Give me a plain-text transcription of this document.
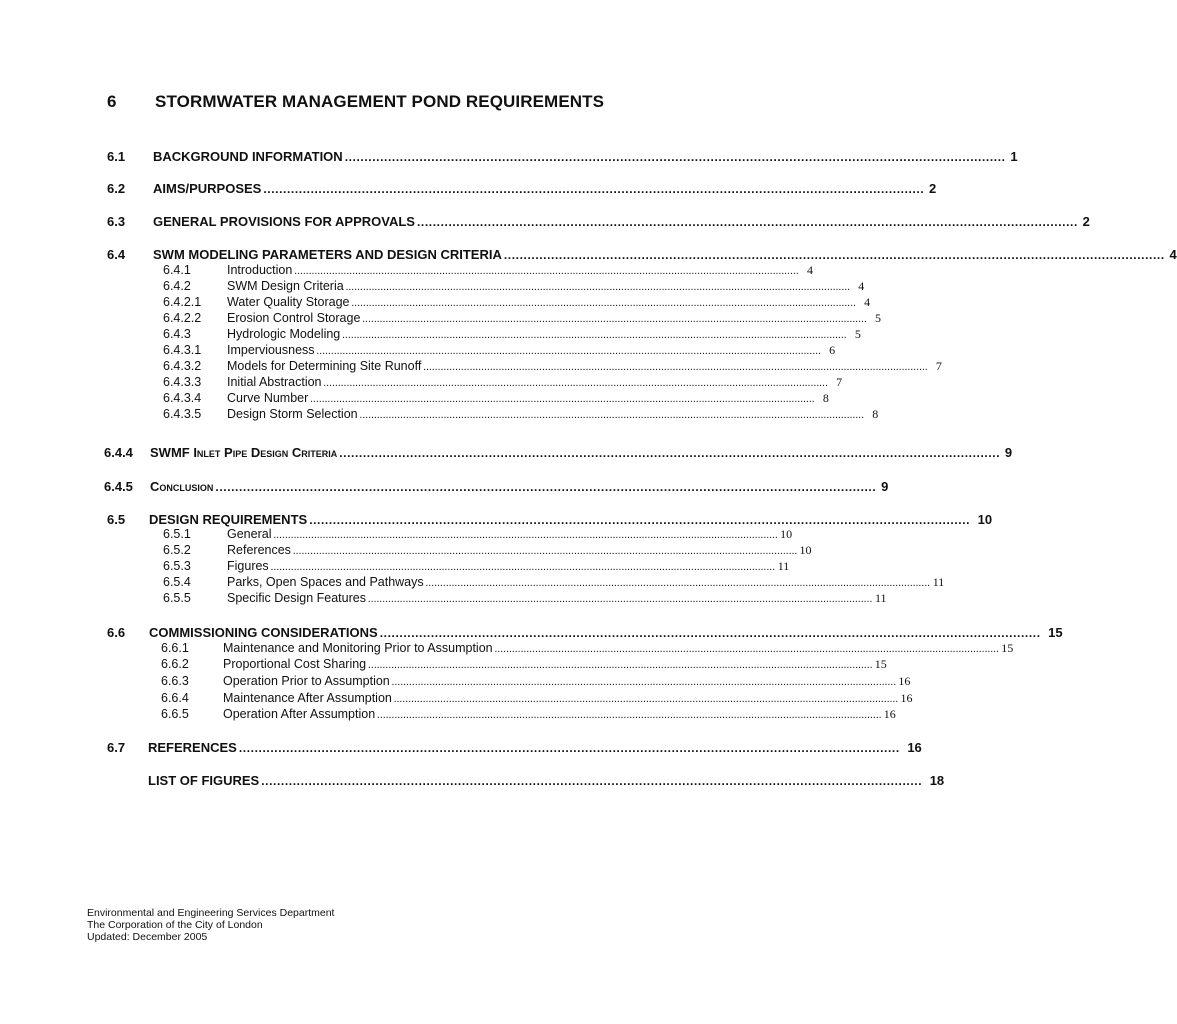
6 STORMWATER MANAGEMENT POND REQUIREMENTS
6.1 BACKGROUND INFORMATION ........................................................................................................................................................................ 1
6.2 AIMS/PURPOSES ........................................................................................................................................................................ 2
6.3 GENERAL PROVISIONS FOR APPROVALS ........................................................................................................................................................................ 2
6.4 SWM MODELING PARAMETERS AND DESIGN CRITERIA ........................................................................................................................................................................ 4
6.4.1	Introduction .............................................................................................................................................................................. 4
6.4.2	SWM Design Criteria .............................................................................................................................................................................. 4
6.4.2.1 Water Quality Storage .............................................................................................................................................................................. 4
6.4.2.2 Erosion Control Storage .............................................................................................................................................................................. 5
6.4.3	Hydrologic Modeling .............................................................................................................................................................................. 5
6.4.3.1 Imperviousness .............................................................................................................................................................................. 6
6.4.3.2 Models for Determining Site Runoff .............................................................................................................................................................................. 7
6.4.3.3 Initial Abstraction .............................................................................................................................................................................. 7
6.4.3.4 Curve Number .............................................................................................................................................................................. 8
6.4.3.5 Design Storm Selection .............................................................................................................................................................................. 8
6.4.4 SWMF Inlet Pipe Design Criteria ........................................................................................................................................................................ 9
6.4.5 Conclusion ........................................................................................................................................................................ 9
6.5 DESIGN REQUIREMENTS ........................................................................................................................................................................ 10
6.5.1	General .............................................................................................................................................................................. 10
6.5.2	References .............................................................................................................................................................................. 10
6.5.3	Figures .............................................................................................................................................................................. 11
6.5.4	Parks, Open Spaces and Pathways .............................................................................................................................................................................. 11
6.5.5	Specific Design Features .............................................................................................................................................................................. 11
6.6 COMMISSIONING CONSIDERATIONS ........................................................................................................................................................................ 15
6.6.1	Maintenance and Monitoring Prior to Assumption .............................................................................................................................................................................. 15
6.6.2	Proportional Cost Sharing .............................................................................................................................................................................. 15
6.6.3	Operation Prior to Assumption .............................................................................................................................................................................. 16
6.6.4	Maintenance After Assumption .............................................................................................................................................................................. 16
6.6.5	Operation After Assumption .............................................................................................................................................................................. 16
6.7 REFERENCES ........................................................................................................................................................................ 16
LIST OF FIGURES ........................................................................................................................................................................ 18
Environmental and Engineering Services Department
The Corporation of the City of London
Updated: December 2005
